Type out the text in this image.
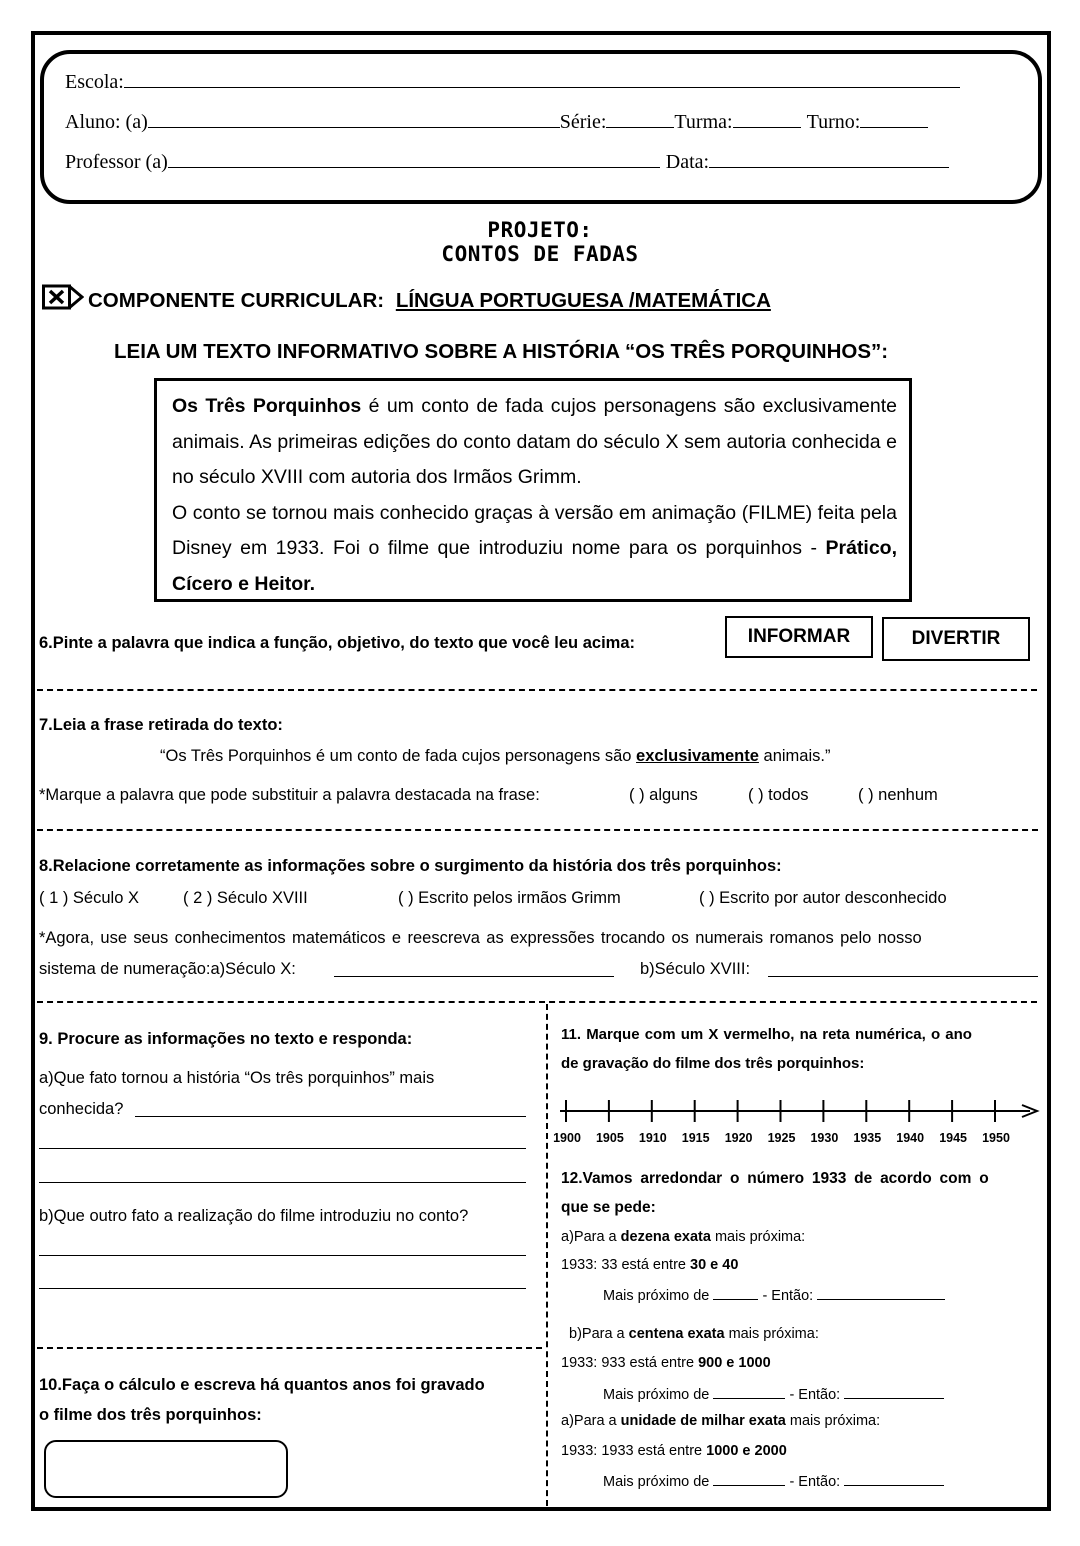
Escola:
Aluno: (a)	Série:	Turma:	Turno:
Professor (a)	Data:
PROJETO:
CONTOS DE FADAS
COMPONENTE CURRICULAR: LÍNGUA PORTUGUESA /MATEMÁTICA
LEIA UM TEXTO INFORMATIVO SOBRE A HISTÓRIA “OS TRÊS PORQUINHOS”:

Os Três Porquinhos é um conto de fada cujos personagens são exclusivamente animais. As primeiras edições do conto datam do século X sem autoria conhecida e no século XVIII com autoria dos Irmãos Grimm.

O conto se tornou mais conhecido graças à versão em animação (FILME) feita pela Disney em 1933. Foi o filme que introduziu nome para os porquinhos - Prático, Cícero e Heitor.

6.Pinte a palavra que indica a função, objetivo, do texto que você leu acima:	INFORMAR	DIVERTIR
7.Leia a frase retirada do texto:
“Os Três Porquinhos é um conto de fada cujos personagens são exclusivamente animais.”
*Marque a palavra que pode substituir a palavra destacada na frase:	( ) alguns	( ) todos	( ) nenhum
8.Relacione corretamente as informações sobre o surgimento da história dos três porquinhos:
( 1 ) Século X	( 2 ) Século XVIII	( ) Escrito pelos irmãos Grimm	( ) Escrito por autor desconhecido
*Agora, use seus conhecimentos matemáticos e reescreva as expressões trocando os numerais romanos pelo nosso
sistema de numeração:a)Século X:	b)Século XVIII:
9. Procure as informações no texto e responda:
a)Que fato tornou a história “Os três porquinhos” mais
conhecida?
b)Que outro fato a realização do filme introduziu no conto?
10.Faça o cálculo e escreva há quantos anos foi gravado
o filme dos três porquinhos:
11. Marque com um X vermelho, na reta numérica, o ano
de gravação do filme dos três porquinhos:
1900	1905	1910	1915	1920	1925	1930	1935	1940	1945	1950
12.Vamos arredondar o número 1933 de acordo com o
que se pede:
a)Para a dezena exata mais próxima:
1933: 33 está entre 30 e 40
Mais próximo de	- Então:
b)Para a centena exata mais próxima:
1933: 933 está entre 900 e 1000
Mais próximo de	- Então:
a)Para a unidade de milhar exata mais próxima:
1933: 1933 está entre 1000 e 2000
Mais próximo de	- Então:
